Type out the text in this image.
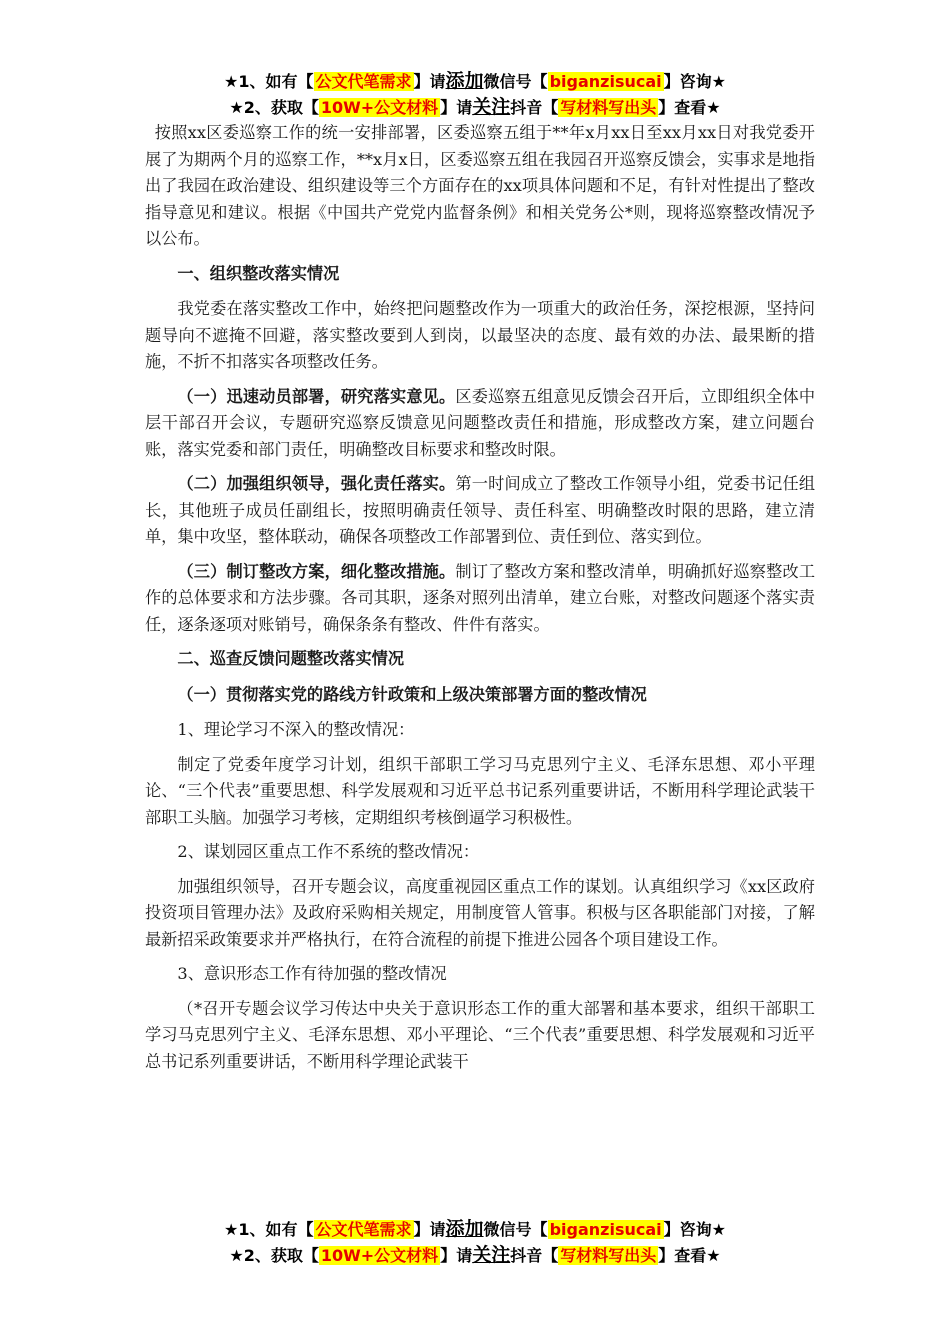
★1、如有【 公文代笔需求 】请添加微信号【 biganzisucai 】咨询★
★2、获取【 10W+公文材料 】请关注抖音【 写材料写出头 】查看★

按照xx区委巡察工作的统一安排部署，区委巡察五组于**年x月xx日至xx月xx日对我党委开展了为期两个月的巡察工作，**x月x日，区委巡察五组在我园召开巡察反馈会，实事求是地指出了我园在政治建设、组织建设等三个方面存在的xx项具体问题和不足，有针对性提出了整改指导意见和建议。根据《中国共产党党内监督条例》和相关党务公*则，现将巡察整改情况予以公布。

一、组织整改落实情况

我党委在落实整改工作中，始终把问题整改作为一项重大的政治任务，深挖根源，坚持问题导向不遮掩不回避，落实整改要到人到岗，以最坚决的态度、最有效的办法、最果断的措施，不折不扣落实各项整改任务。

（一）迅速动员部署，研究落实意见。区委巡察五组意见反馈会召开后，立即组织全体中层干部召开会议，专题研究巡察反馈意见问题整改责任和措施，形成整改方案，建立问题台账，落实党委和部门责任，明确整改目标要求和整改时限。

（二）加强组织领导，强化责任落实。第一时间成立了整改工作领导小组，党委书记任组长，其他班子成员任副组长，按照明确责任领导、责任科室、明确整改时限的思路，建立清单，集中攻坚，整体联动，确保各项整改工作部署到位、责任到位、落实到位。

（三）制订整改方案，细化整改措施。制订了整改方案和整改清单，明确抓好巡察整改工作的总体要求和方法步骤。各司其职，逐条对照列出清单，建立台账，对整改问题逐个落实责任，逐条逐项对账销号，确保条条有整改、件件有落实。

二、巡查反馈问题整改落实情况

（一）贯彻落实党的路线方针政策和上级决策部署方面的整改情况

1、理论学习不深入的整改情况：

制定了党委年度学习计划，组织干部职工学习马克思列宁主义、毛泽东思想、邓小平理论、“三个代表”重要思想、科学发展观和习近平总书记系列重要讲话，不断用科学理论武装干部职工头脑。加强学习考核，定期组织考核倒逼学习积极性。

2、谋划园区重点工作不系统的整改情况：

加强组织领导，召开专题会议，高度重视园区重点工作的谋划。认真组织学习《xx区政府投资项目管理办法》及政府采购相关规定，用制度管人管事。积极与区各职能部门对接，了解最新招采政策要求并严格执行，在符合流程的前提下推进公园各个项目建设工作。

3、意识形态工作有待加强的整改情况

（*召开专题会议学习传达中央关于意识形态工作的重大部署和基本要求，组织干部职工学习马克思列宁主义、毛泽东思想、邓小平理论、“三个代表”重要思想、科学发展观和习近平总书记系列重要讲话，不断用科学理论武装干

★1、如有【 公文代笔需求 】请添加微信号【 biganzisucai 】咨询★
★2、获取【 10W+公文材料 】请关注抖音【 写材料写出头 】查看★
